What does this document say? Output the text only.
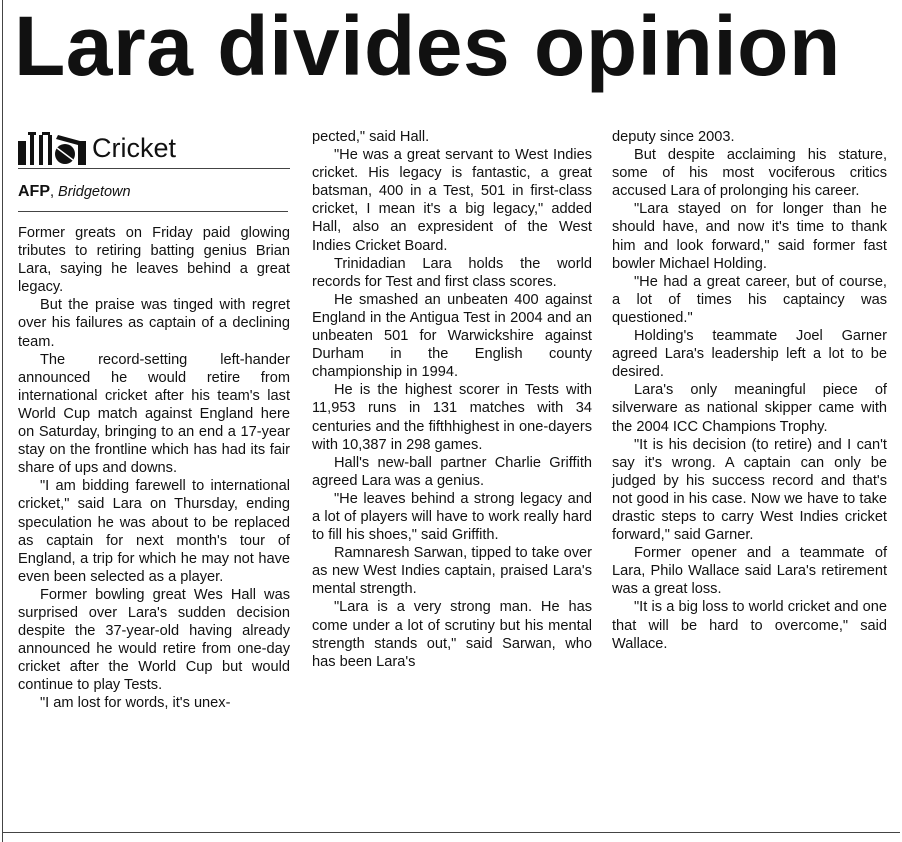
Lara divides opinion
Cricket
AFP, Bridgetown

Former greats on Friday paid glowing tributes to retiring batting genius Brian Lara, saying he leaves behind a great legacy.

But the praise was tinged with regret over his failures as captain of a declining team.

The record-setting left-hander announced he would retire from international cricket after his team's last World Cup match against England here on Saturday, bringing to an end a 17-year stay on the frontline which has had its fair share of ups and downs.

"I am bidding farewell to international cricket," said Lara on Thursday, ending speculation he was about to be replaced as captain for next month's tour of England, a trip for which he may not have even been selected as a player.

Former bowling great Wes Hall was surprised over Lara's sudden decision despite the 37-year-old having already announced he would retire from one-day cricket after the World Cup but would continue to play Tests.

"I am lost for words, it's unex-

pected," said Hall.

"He was a great servant to West Indies cricket. His legacy is fantastic, a great batsman, 400 in a Test, 501 in first-class cricket, I mean it's a big legacy," added Hall, also an expresident of the West Indies Cricket Board.

Trinidadian Lara holds the world records for Test and first class scores.

He smashed an unbeaten 400 against England in the Antigua Test in 2004 and an unbeaten 501 for Warwickshire against Durham in the English county championship in 1994.

He is the highest scorer in Tests with 11,953 runs in 131 matches with 34 centuries and the fifthhighest in one-dayers with 10,387 in 298 games.

Hall's new-ball partner Charlie Griffith agreed Lara was a genius.

"He leaves behind a strong legacy and a lot of players will have to work really hard to fill his shoes," said Griffith.

Ramnaresh Sarwan, tipped to take over as new West Indies captain, praised Lara's mental strength.

"Lara is a very strong man. He has come under a lot of scrutiny but his mental strength stands out," said Sarwan, who has been Lara's

deputy since 2003.

But despite acclaiming his stature, some of his most vociferous critics accused Lara of prolonging his career.

"Lara stayed on for longer than he should have, and now it's time to thank him and look forward," said former fast bowler Michael Holding.

"He had a great career, but of course, a lot of times his captaincy was questioned."

Holding's teammate Joel Garner agreed Lara's leadership left a lot to be desired.

Lara's only meaningful piece of silverware as national skipper came with the 2004 ICC Champions Trophy.

"It is his decision (to retire) and I can't say it's wrong. A captain can only be judged by his success record and that's not good in his case. Now we have to take drastic steps to carry West Indies cricket forward," said Garner.

Former opener and a teammate of Lara, Philo Wallace said Lara's retirement was a great loss.

"It is a big loss to world cricket and one that will be hard to overcome," said Wallace.
